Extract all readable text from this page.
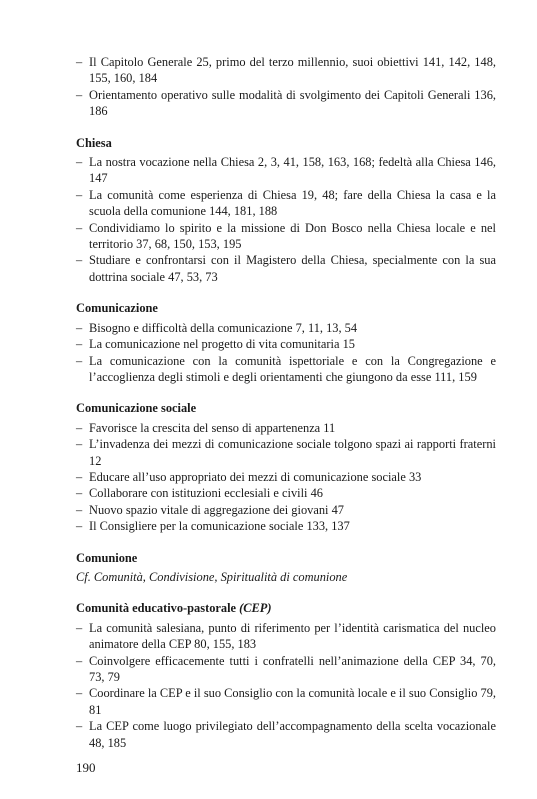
– Il Capitolo Generale 25, primo del terzo millennio, suoi obiettivi 141, 142, 148, 155, 160, 184
– Orientamento operativo sulle modalità di svolgimento dei Capitoli Generali 136, 186
Chiesa
– La nostra vocazione nella Chiesa 2, 3, 41, 158, 163, 168; fedeltà alla Chiesa 146, 147
– La comunità come esperienza di Chiesa 19, 48; fare della Chiesa la casa e la scuola della comunione 144, 181, 188
– Condividiamo lo spirito e la missione di Don Bosco nella Chiesa locale e nel territorio 37, 68, 150, 153, 195
– Studiare e confrontarsi con il Magistero della Chiesa, specialmente con la sua dottrina sociale 47, 53, 73
Comunicazione
– Bisogno e difficoltà della comunicazione 7, 11, 13, 54
– La comunicazione nel progetto di vita comunitaria 15
– La comunicazione con la comunità ispettoriale e con la Congregazione e l’accoglienza degli stimoli e degli orientamenti che giungono da esse 111, 159
Comunicazione sociale
– Favorisce la crescita del senso di appartenenza 11
– L’invadenza dei mezzi di comunicazione sociale tolgono spazi ai rapporti fraterni 12
– Educare all’uso appropriato dei mezzi di comunicazione sociale 33
– Collaborare con istituzioni ecclesiali e civili 46
– Nuovo spazio vitale di aggregazione dei giovani 47
– Il Consigliere per la comunicazione sociale 133, 137
Comunione
Cf. Comunità, Condivisione, Spiritualità di comunione
Comunità educativo-pastorale (CEP)
– La comunità salesiana, punto di riferimento per l’identità carismatica del nucleo animatore della CEP 80, 155, 183
– Coinvolgere efficacemente tutti i confratelli nell’animazione della CEP 34, 70, 73, 79
– Coordinare la CEP e il suo Consiglio con la comunità locale e il suo Consiglio 79, 81
– La CEP come luogo privilegiato dell’accompagnamento della scelta vocazionale 48, 185
190
